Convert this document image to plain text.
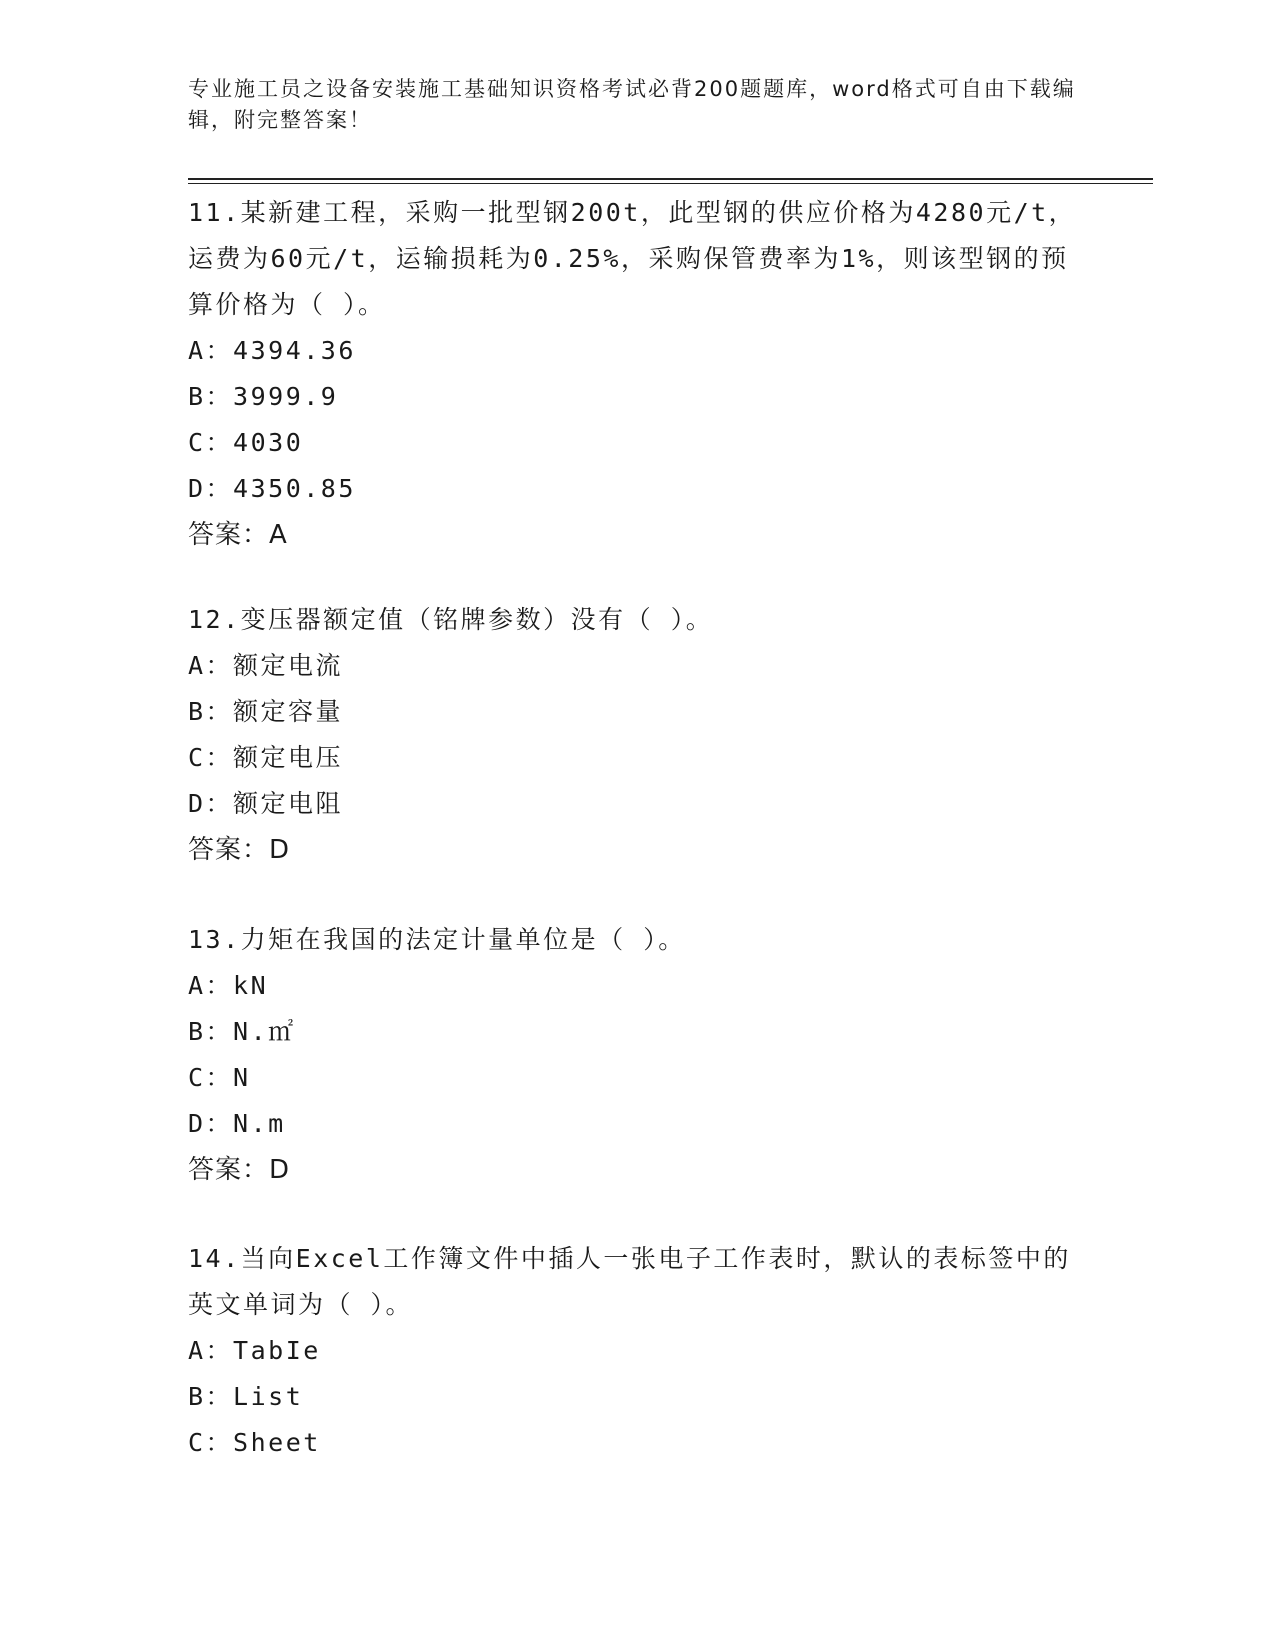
专业施工员之设备安装施工基础知识资格考试必背200题题库，word格式可自由下载编辑，附完整答案！
11.某新建工程，采购一批型钢200t，此型钢的供应价格为4280元/t，运费为60元/t，运输损耗为0.25%，采购保管费率为1%，则该型钢的预算价格为（ ）。
A：4394.36
B：3999.9
C：4030
D：4350.85
答案：A
12.变压器额定值（铭牌参数）没有（ ）。
A：额定电流
B：额定容量
C：额定电压
D：额定电阻
答案：D
13.力矩在我国的法定计量单位是（ ）。
A：kN
B：N.㎡
C：N
D：N.m
答案：D
14.当向Excel工作簿文件中插人一张电子工作表时，默认的表标签中的英文单词为（ ）。
A：TabIe
B：List
C：Sheet
